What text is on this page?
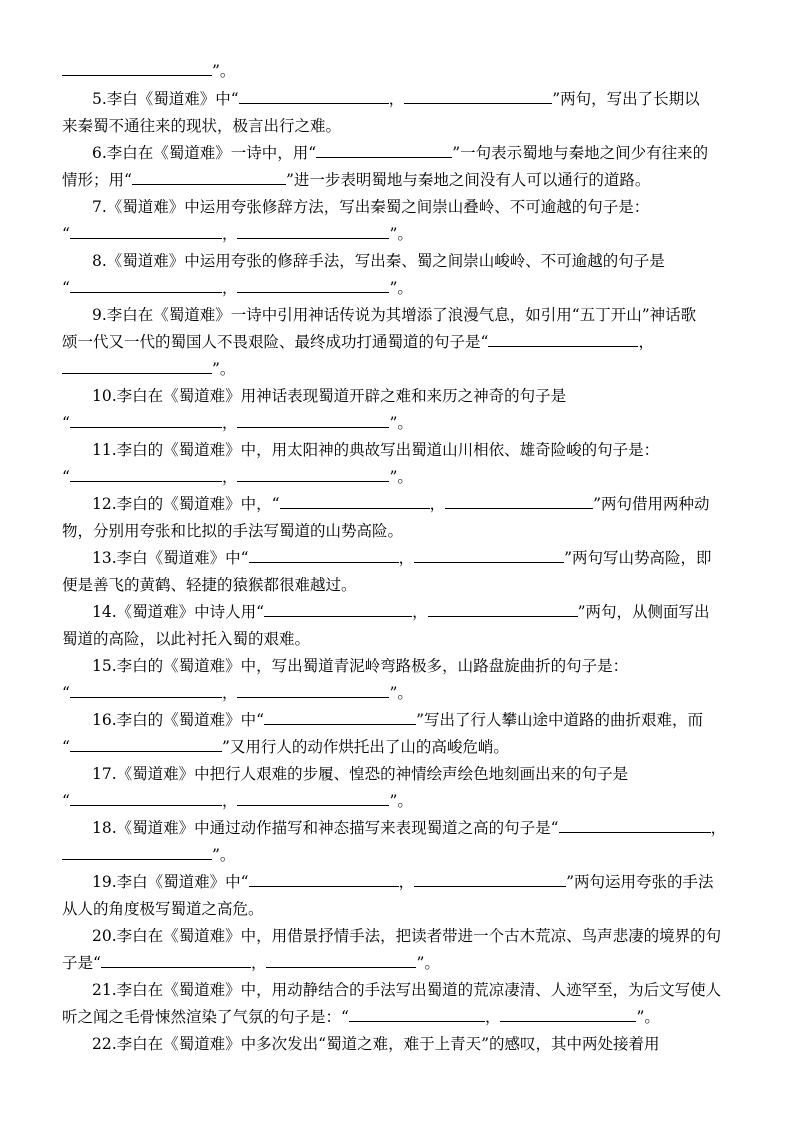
”。
5.李白《蜀道难》中“	，	”两句，写出了长期以
来秦蜀不通往来的现状，极言出行之难。
6.李白在《蜀道难》一诗中，用“	”一句表示蜀地与秦地之间少有往来的
情形；用“	”进一步表明蜀地与秦地之间没有人可以通行的道路。
7.《蜀道难》中运用夸张修辞方法，写出秦蜀之间崇山叠岭、不可逾越的句子是：
“	，	”。
8.《蜀道难》中运用夸张的修辞手法，写出秦、蜀之间崇山峻岭、不可逾越的句子是
“	，	”。
9.李白在《蜀道难》一诗中引用神话传说为其增添了浪漫气息，如引用“五丁开山”神话歌
颂一代又一代的蜀国人不畏艰险、最终成功打通蜀道的句子是“	，
”。
10.李白在《蜀道难》用神话表现蜀道开辟之难和来历之神奇的句子是
“	，	”。
11.李白的《蜀道难》中，用太阳神的典故写出蜀道山川相依、雄奇险峻的句子是：
“	，	”。
12.李白的《蜀道难》中，“	，	”两句借用两种动
物，分别用夸张和比拟的手法写蜀道的山势高险。
13.李白《蜀道难》中“	，	”两句写山势高险，即
便是善飞的黄鹤、轻捷的猿猴都很难越过。
14.《蜀道难》中诗人用“	，	”两句，从侧面写出
蜀道的高险，以此衬托入蜀的艰难。
15.李白的《蜀道难》中，写出蜀道青泥岭弯路极多，山路盘旋曲折的句子是：
“	，	”。
16.李白的《蜀道难》中“	”写出了行人攀山途中道路的曲折艰难，而
“	”又用行人的动作烘托出了山的高峻危峭。
17.《蜀道难》中把行人艰难的步履、惶恐的神情绘声绘色地刻画出来的句子是
“	，	”。
18.《蜀道难》中通过动作描写和神态描写来表现蜀道之高的句子是“	，
”。
19.李白《蜀道难》中“	，	”两句运用夸张的手法
从人的角度极写蜀道之高危。
20.李白在《蜀道难》中，用借景抒情手法，把读者带进一个古木荒凉、鸟声悲凄的境界的句
子是“	，	”。
21.李白在《蜀道难》中，用动静结合的手法写出蜀道的荒凉凄清、人迹罕至，为后文写使人
听之闻之毛骨悚然渲染了气氛的句子是：“	，	”。
22.李白在《蜀道难》中多次发出“蜀道之难，难于上青天”的感叹，其中两处接着用
